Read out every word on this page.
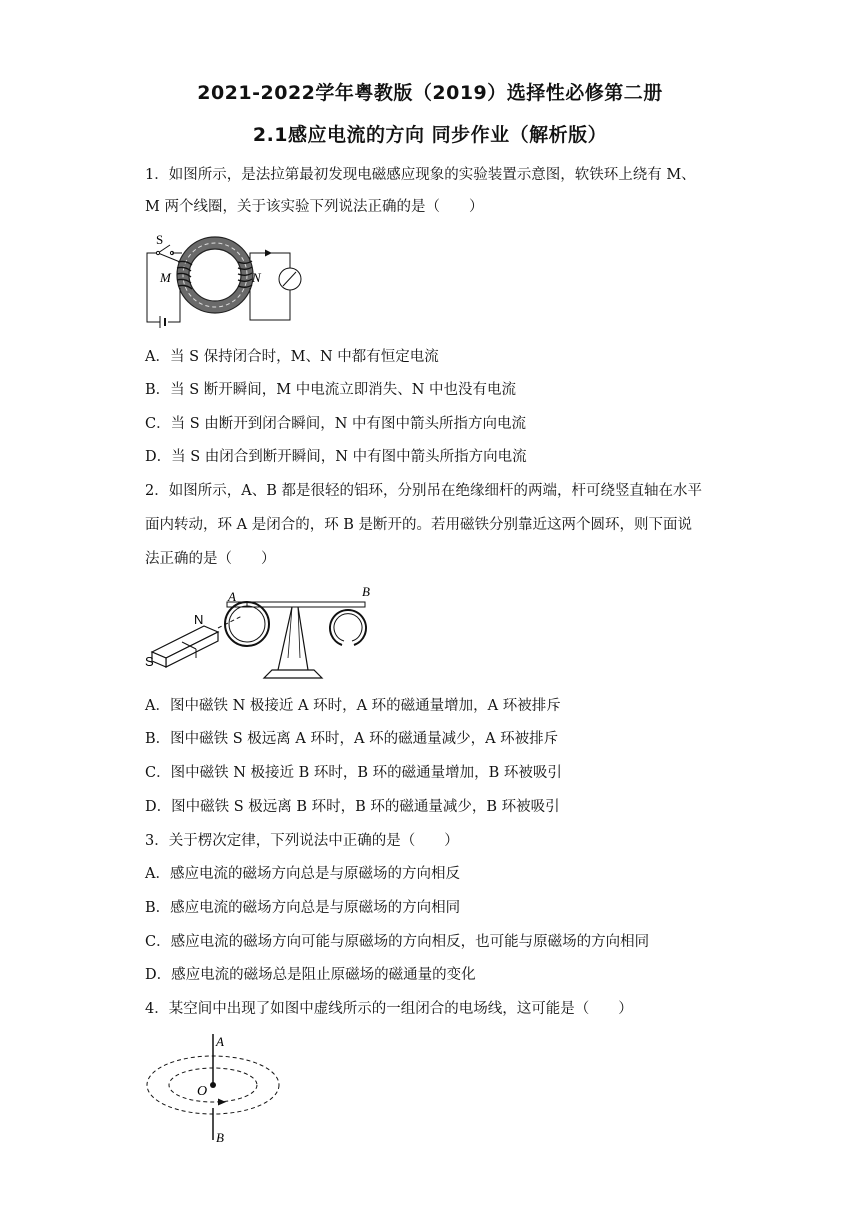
2021-2022学年粤教版（2019）选择性必修第二册
2.1感应电流的方向 同步作业（解析版）
1．如图所示，是法拉第最初发现电磁感应现象的实验装置示意图，软铁环上绕有 M、
M 两个线圈，关于该实验下列说法正确的是（　　）
S
M	N
A．当 S 保持闭合时，M、N 中都有恒定电流
B．当 S 断开瞬间，M 中电流立即消失、N 中也没有电流
C．当 S 由断开到闭合瞬间，N 中有图中箭头所指方向电流
D．当 S 由闭合到断开瞬间，N 中有图中箭头所指方向电流
2．如图所示，A、B 都是很轻的铝环，分别吊在绝缘细杆的两端，杆可绕竖直轴在水平
面内转动，环 A 是闭合的，环 B 是断开的。若用磁铁分别靠近这两个圆环，则下面说
法正确的是（　　）
A	B
N
S
A．图中磁铁 N 极接近 A 环时，A 环的磁通量增加，A 环被排斥
B．图中磁铁 S 极远离 A 环时，A 环的磁通量减少，A 环被排斥
C．图中磁铁 N 极接近 B 环时，B 环的磁通量增加，B 环被吸引
D．图中磁铁 S 极远离 B 环时，B 环的磁通量减少，B 环被吸引
3．关于楞次定律，下列说法中正确的是（　　）
A．感应电流的磁场方向总是与原磁场的方向相反
B．感应电流的磁场方向总是与原磁场的方向相同
C．感应电流的磁场方向可能与原磁场的方向相反，也可能与原磁场的方向相同
D．感应电流的磁场总是阻止原磁场的磁通量的变化
4．某空间中出现了如图中虚线所示的一组闭合的电场线，这可能是（　　）
A
O
B
